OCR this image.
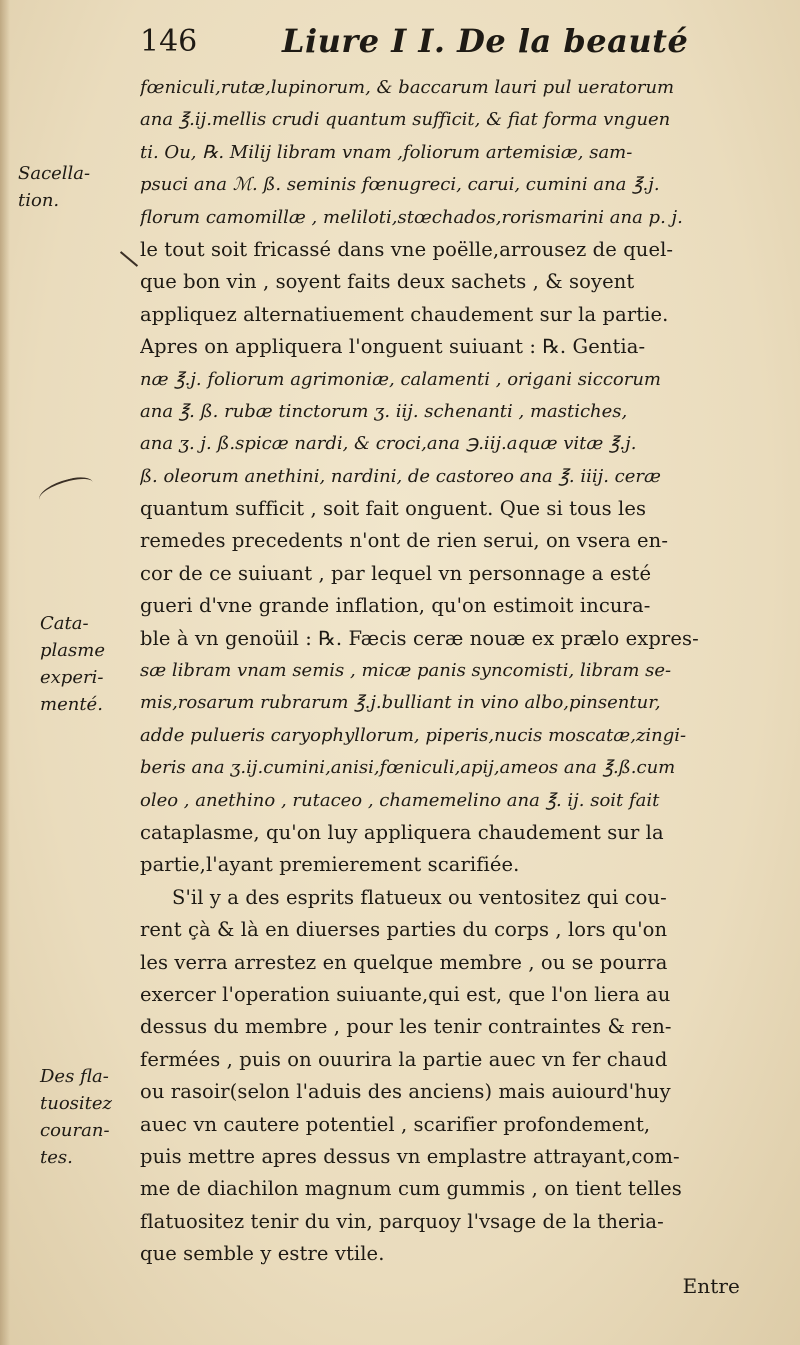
146	Liure I I. De la beauté
Sacella-
tion.
Cata-
plasme
experi-
menté.
Des fla-
tuositez
couran-
tes.
fœniculi,rutæ,lupinorum, & baccarum lauri pul ueratorum
ana ℥.ij.mellis crudi quantum sufficit, & fiat forma vnguen
ti. Ou, ℞. Milij libram vnam ,foliorum artemisiæ, sam-
psuci ana ℳ. ß. seminis fœnugreci, carui, cumini ana ℥.j.
florum camomillæ , meliloti,stœchados,rorismarini ana p. j.
le tout soit fricassé dans vne poëlle,arrousez de quel-
que bon vin , soyent faits deux sachets , & soyent
appliquez alternatiuement chaudement sur la partie.
Apres on appliquera l'onguent suiuant : ℞. Gentia-
næ ℥.j. foliorum agrimoniæ, calamenti , origani siccorum
ana ℥. ß. rubæ tinctorum ʒ. iij. schenanti , mastiches,
ana ʒ. j. ß.spicæ nardi, & croci,ana ℈.iij.aquæ vitæ ℥.j.
ß. oleorum anethini, nardini, de castoreo ana ℥. iiij. ceræ
quantum sufficit , soit fait onguent. Que si tous les
remedes precedents n'ont de rien serui, on vsera en-
cor de ce suiuant , par lequel vn personnage a esté
gueri d'vne grande inflation, qu'on estimoit incura-
ble à vn genoüil : ℞. Fæcis ceræ nouæ ex prælo expres-
sæ libram vnam semis , micæ panis syncomisti, libram se-
mis,rosarum rubrarum ℥.j.bulliant in vino albo,pinsentur,
adde pulueris caryophyllorum, piperis,nucis moscatæ,zingi-
beris ana ʒ.ij.cumini,anisi,fœniculi,apij,ameos ana ℥.ß.cum
oleo , anethino , rutaceo , chamemelino ana ℥. ij. soit fait
cataplasme, qu'on luy appliquera chaudement sur la
partie,l'ayant premierement scarifiée.
S'il y a des esprits flatueux ou ventositez qui cou-
rent çà & là en diuerses parties du corps , lors qu'on
les verra arrestez en quelque membre , ou se pourra
exercer l'operation suiuante,qui est, que l'on liera au
dessus du membre , pour les tenir contraintes & ren-
fermées , puis on ouurira la partie auec vn fer chaud
ou rasoir(selon l'aduis des anciens) mais auiourd'huy
auec vn cautere potentiel , scarifier profondement,
puis mettre apres dessus vn emplastre attrayant,com-
me de diachilon magnum cum gummis , on tient telles
flatuositez tenir du vin, parquoy l'vsage de la theria-
que semble y estre vtile.
Entre
